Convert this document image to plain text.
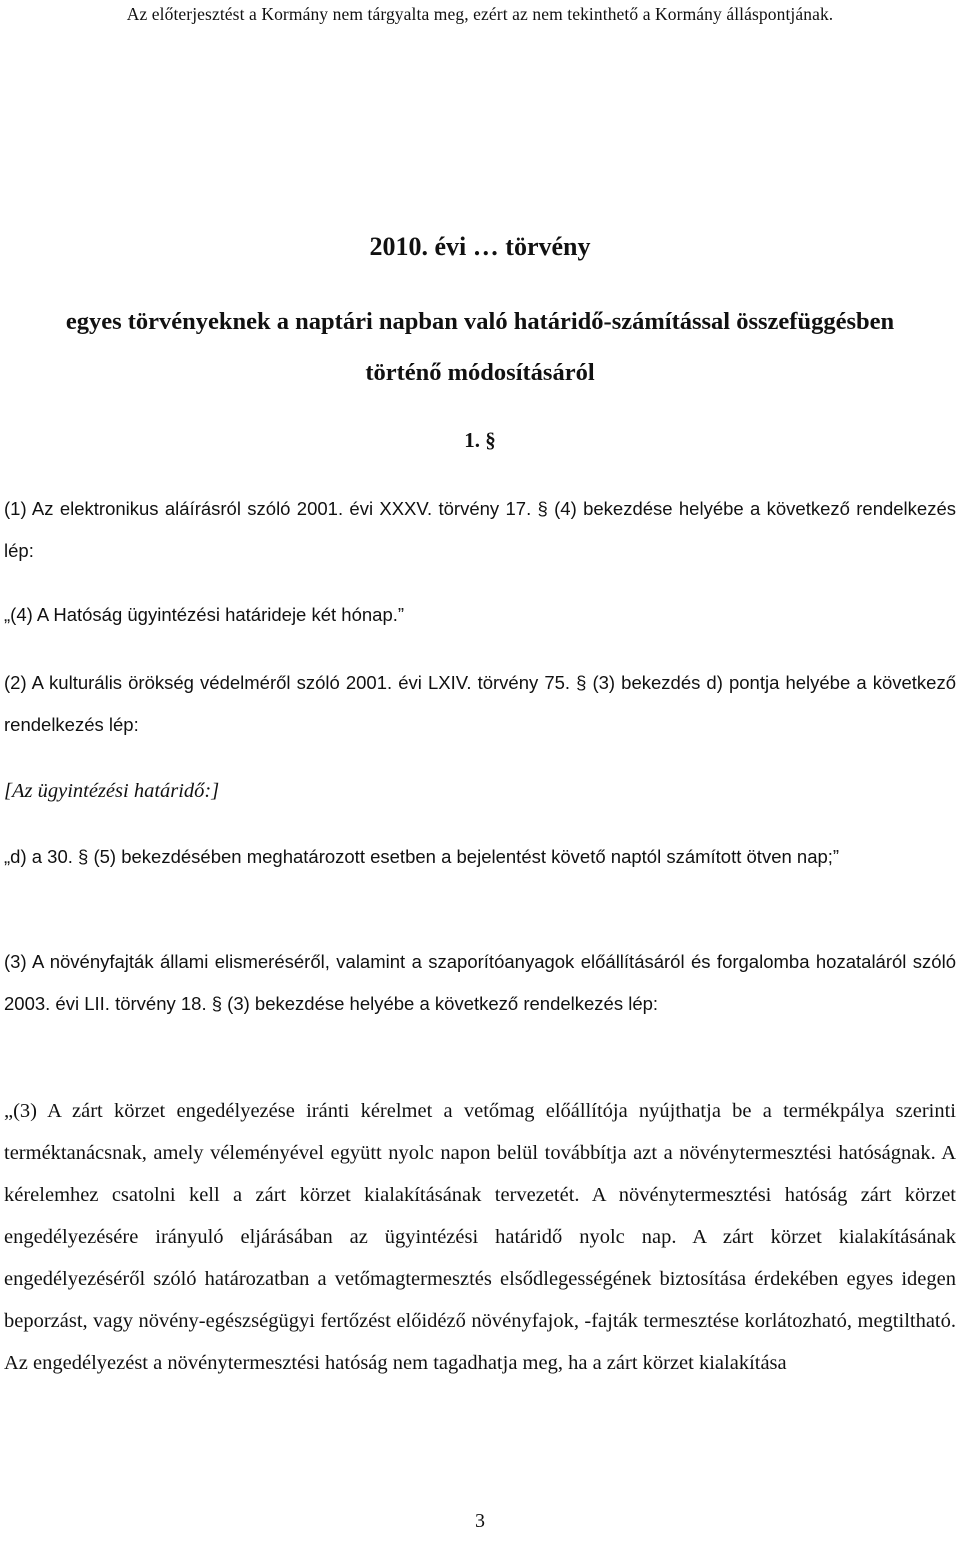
Az előterjesztést a Kormány nem tárgyalta meg, ezért az nem tekinthető a Kormány álláspontjának.
2010. évi … törvény
egyes törvényeknek a naptári napban való határidő-számítással összefüggésben
történő módosításáról
1. §

(1) Az elektronikus aláírásról szóló 2001. évi XXXV. törvény 17. § (4) bekezdése helyébe a következő rendelkezés lép:

„(4) A Hatóság ügyintézési határideje két hónap.”

(2) A kulturális örökség védelméről szóló 2001. évi LXIV. törvény 75. § (3) bekezdés d) pontja helyébe a következő rendelkezés lép:

[Az ügyintézési határidő:]

„d) a 30. § (5) bekezdésében meghatározott esetben a bejelentést követő naptól számított ötven nap;”

(3) A növényfajták állami elismeréséről, valamint a szaporítóanyagok előállításáról és forgalomba hozataláról szóló 2003. évi LII. törvény 18. § (3) bekezdése helyébe a következő rendelkezés lép:

„(3) A zárt körzet engedélyezése iránti kérelmet a vetőmag előállítója nyújthatja be a termékpálya szerinti terméktanácsnak, amely véleményével együtt nyolc napon belül továbbítja azt a növénytermesztési hatóságnak. A kérelemhez csatolni kell a zárt körzet kialakításának tervezetét. A növénytermesztési hatóság zárt körzet engedélyezésére irányuló eljárásában az ügyintézési határidő nyolc nap. A zárt körzet kialakításának engedélyezéséről szóló határozatban a vetőmagtermesztés elsődlegességének biztosítása érdekében egyes idegen beporzást, vagy növény-egészségügyi fertőzést előidéző növényfajok, -fajták termesztése korlátozható, megtiltható. Az engedélyezést a növénytermesztési hatóság nem tagadhatja meg, ha a zárt körzet kialakítása

3
